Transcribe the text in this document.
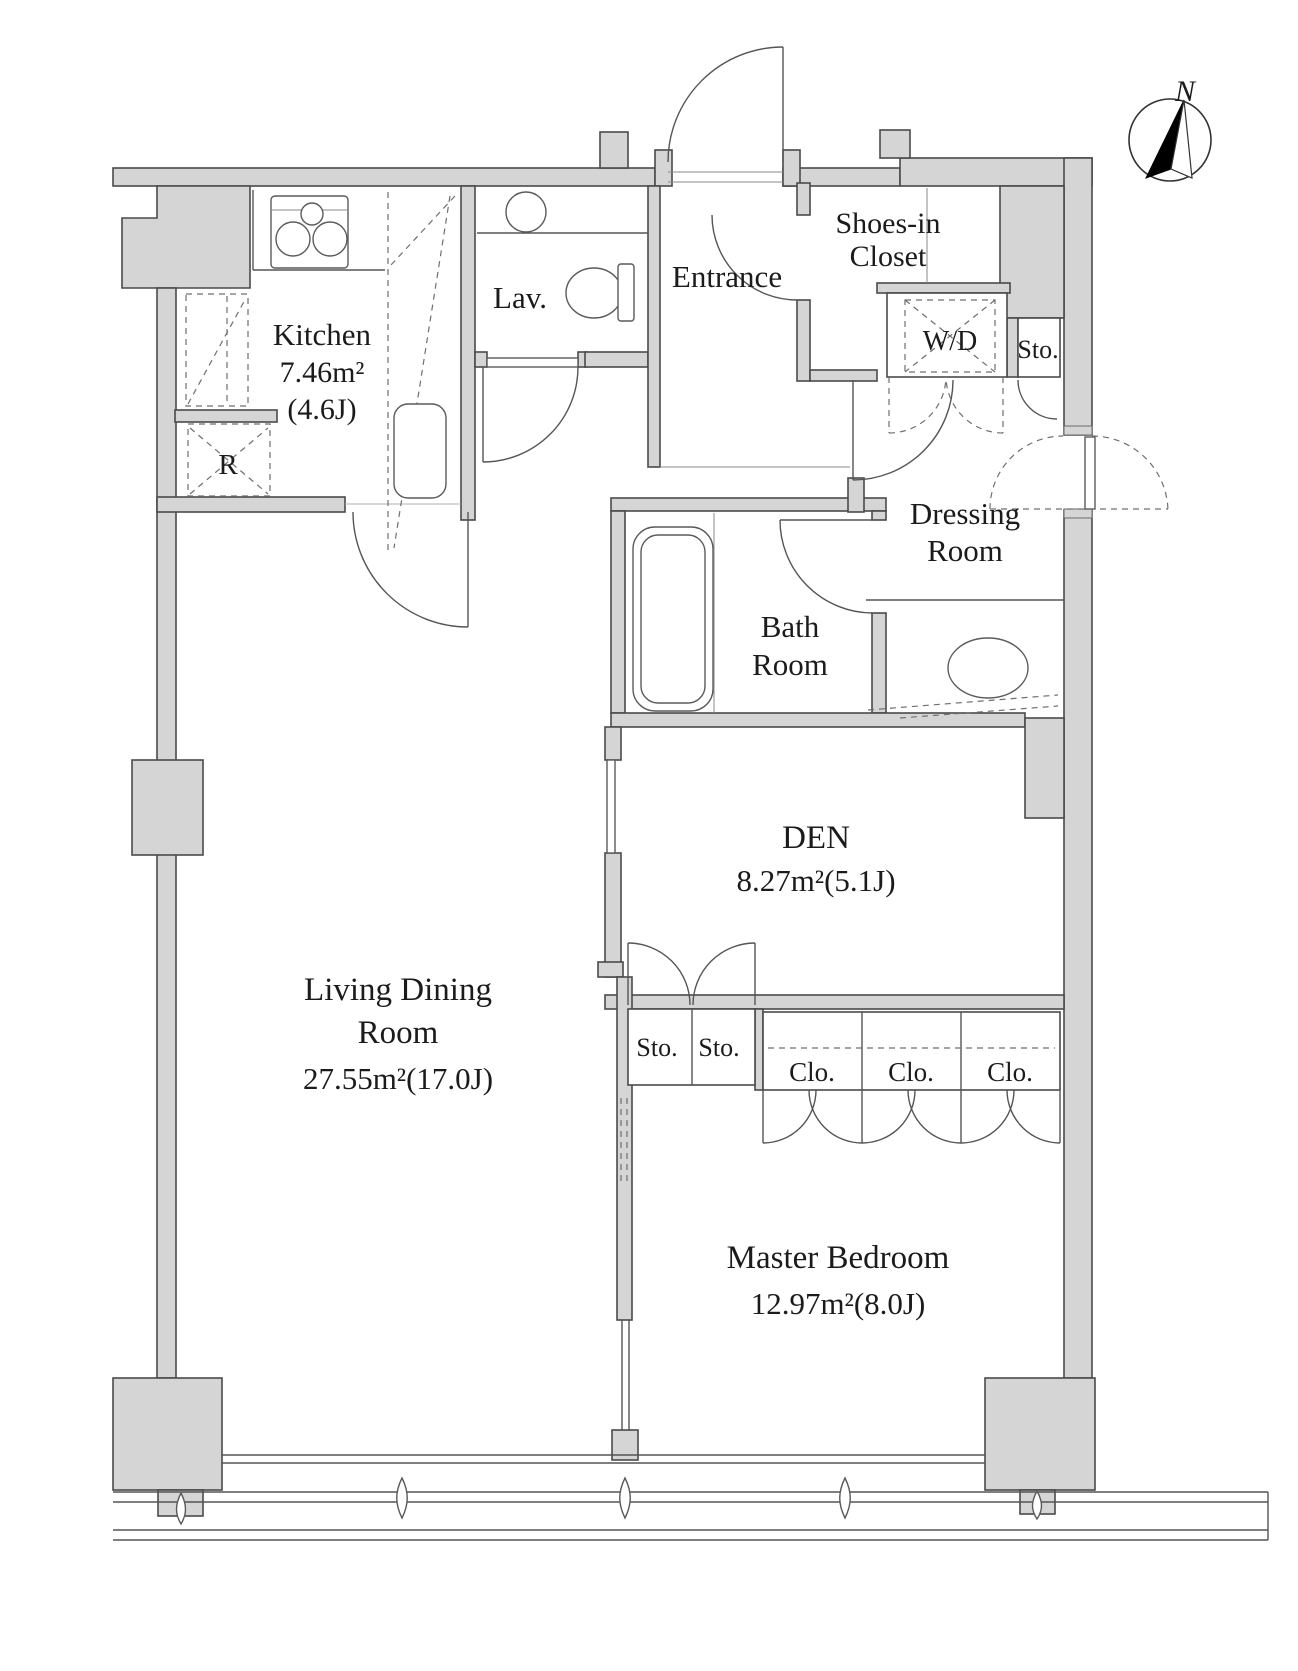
Kitchen
7.46m²
(4.6J)
R
Lav.
Entrance
Shoes-in
Closet
W/D Sto.
Dressing
Room
Bath
Room
DEN
8.27m²(5.1J)
Living Dining
Room
27.55m²(17.0J)
Sto. Sto.
Clo. Clo. Clo.
Master Bedroom
12.97m²(8.0J)
N
